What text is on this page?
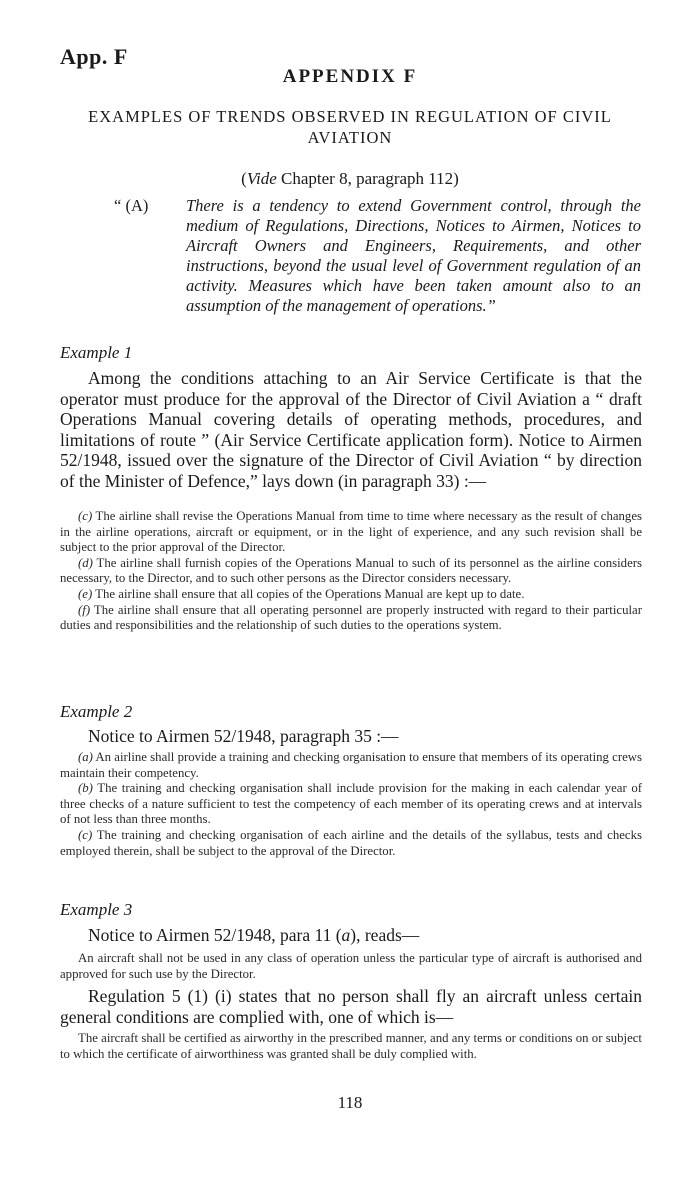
App. F
APPENDIX F
EXAMPLES OF TRENDS OBSERVED IN REGULATION OF CIVIL AVIATION
(Vide Chapter 8, paragraph 112)
“ (A) There is a tendency to extend Government control, through the medium of Regulations, Directions, Notices to Airmen, Notices to Aircraft Owners and Engineers, Requirements, and other instructions, beyond the usual level of Government regulation of an activity. Measures which have been taken amount also to an assumption of the management of operations.”
Example 1

Among the conditions attaching to an Air Service Certificate is that the operator must produce for the approval of the Director of Civil Aviation a “ draft Operations Manual covering details of operating methods, procedures, and limitations of route ” (Air Service Certificate application form). Notice to Airmen 52/1948, issued over the signature of the Director of Civil Aviation “ by direction of the Minister of Defence,” lays down (in paragraph 33) :—

(c) The airline shall revise the Operations Manual from time to time where necessary as the result of changes in the airline operations, aircraft or equipment, or in the light of experience, and any such revision shall be subject to the prior approval of the Director.

(d) The airline shall furnish copies of the Operations Manual to such of its personnel as the airline considers necessary, to the Director, and to such other persons as the Director considers necessary.

(e) The airline shall ensure that all copies of the Operations Manual are kept up to date.

(f) The airline shall ensure that all operating personnel are properly instructed with regard to their particular duties and responsibilities and the relationship of such duties to the operations system.

Example 2

Notice to Airmen 52/1948, paragraph 35 :—

(a) An airline shall provide a training and checking organisation to ensure that members of its operating crews maintain their competency.

(b) The training and checking organisation shall include provision for the making in each calendar year of three checks of a nature sufficient to test the competency of each member of its operating crews and at intervals of not less than three months.

(c) The training and checking organisation of each airline and the details of the syllabus, tests and checks employed therein, shall be subject to the approval of the Director.

Example 3

Notice to Airmen 52/1948, para 11 (a), reads—

An aircraft shall not be used in any class of operation unless the particular type of aircraft is authorised and approved for such use by the Director.

Regulation 5 (1) (i) states that no person shall fly an aircraft unless certain general conditions are complied with, one of which is—

The aircraft shall be certified as airworthy in the prescribed manner, and any terms or conditions on or subject to which the certificate of airworthiness was granted shall be duly complied with.

118
